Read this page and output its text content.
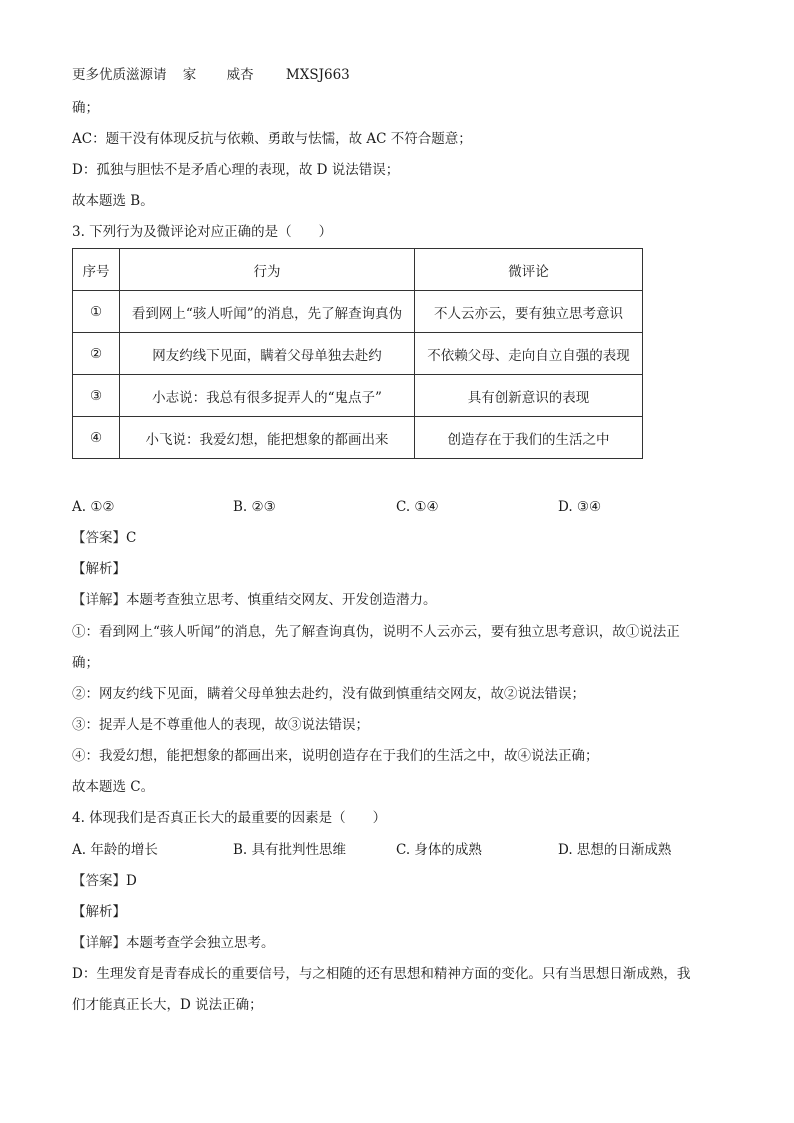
更多优质滋源请 家 威杏 MXSJ663
确；
AC：题干没有体现反抗与依赖、勇敢与怯懦，故 AC 不符合题意；
D：孤独与胆怯不是矛盾心理的表现，故 D 说法错误；
故本题选 B。
3. 下列行为及微评论对应正确的是（　　）
序号	行为	微评论
①	看到网上“骇人听闻”的消息，先了解查询真伪	不人云亦云，要有独立思考意识
②	网友约线下见面，瞒着父母单独去赴约	不依赖父母、走向自立自强的表现
③	小志说：我总有很多捉弄人的“鬼点子”	具有创新意识的表现
④	小飞说：我爱幻想，能把想象的都画出来	创造存在于我们的生活之中
A. ①②	B. ②③	C. ①④	D. ③④
【答案】C
【解析】
【详解】本题考查独立思考、慎重结交网友、开发创造潜力。
①：看到网上“骇人听闻”的消息，先了解查询真伪，说明不人云亦云，要有独立思考意识，故①说法正
确；
②：网友约线下见面，瞒着父母单独去赴约，没有做到慎重结交网友，故②说法错误；
③：捉弄人是不尊重他人的表现，故③说法错误；
④：我爱幻想，能把想象的都画出来，说明创造存在于我们的生活之中，故④说法正确；
故本题选 C。
4. 体现我们是否真正长大的最重要的因素是（　　）
A. 年龄的增长	B. 具有批判性思维	C. 身体的成熟	D. 思想的日渐成熟
【答案】D
【解析】
【详解】本题考查学会独立思考。
D：生理发育是青春成长的重要信号，与之相随的还有思想和精神方面的变化。只有当思想日渐成熟，我
们才能真正长大，D 说法正确；
